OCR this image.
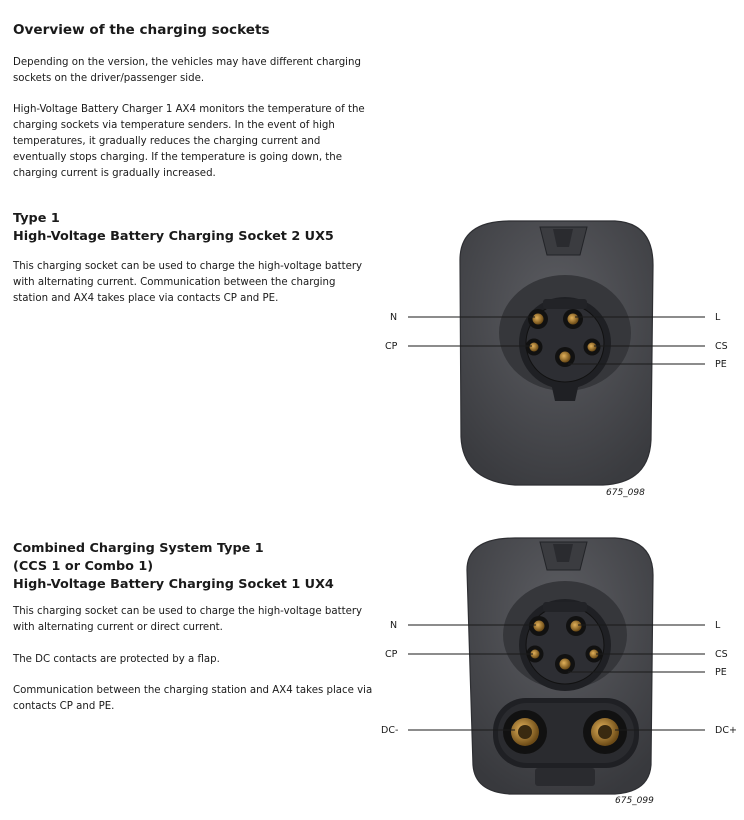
Overview of the charging sockets

Depending on the version, the vehicles may have different charging sockets on the driver/passenger side.

High-Voltage Battery Charger 1 AX4 monitors the temperature of the charging sockets via temperature senders. In the event of high temperatures, it gradually reduces the charging current and eventually stops charging. If the temperature is going down, the charging current is gradually increased.

Type 1
High-Voltage Battery Charging Socket 2 UX5

This charging socket can be used to charge the high-voltage battery with alternating current. Communication between the charging station and AX4 takes place via contacts CP and PE.

Combined Charging System Type 1
(CCS 1 or Combo 1)
High-Voltage Battery Charging Socket 1 UX4

This charging socket can be used to charge the high-voltage battery with alternating current or direct current.

The DC contacts are protected by a flap.

Communication between the charging station and AX4 takes place via contacts CP and PE.

N	L
CP	CS
PE
675_098
N	L
CP	CS
PE
DC-	DC+
675_099
